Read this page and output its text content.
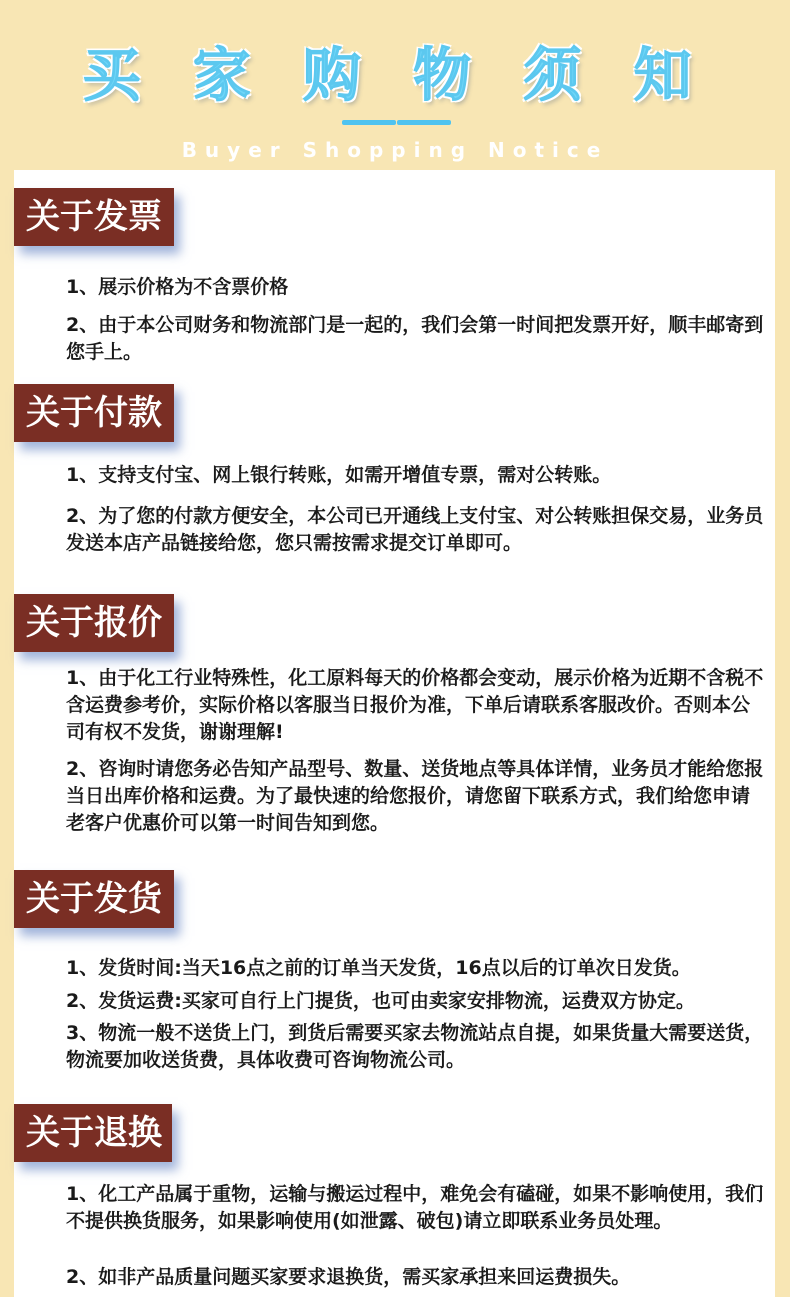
买 家 购 物 须 知
Buyer Shopping Notice
关于发票
1、展示价格为不含票价格
2、由于本公司财务和物流部门是一起的，我们会第一时间把发票开好，顺丰邮寄到您手上。
关于付款
1、支持支付宝、网上银行转账，如需开增值专票，需对公转账。
2、为了您的付款方便安全，本公司已开通线上支付宝、对公转账担保交易，业务员发送本店产品链接给您，您只需按需求提交订单即可。
关于报价
1、由于化工行业特殊性，化工原料每天的价格都会变动，展示价格为近期不含税不含运费参考价，实际价格以客服当日报价为准，下单后请联系客服改价。否则本公司有权不发货，谢谢理解!
2、咨询时请您务必告知产品型号、数量、送货地点等具体详情，业务员才能给您报当日出库价格和运费。为了最快速的给您报价，请您留下联系方式，我们给您申请老客户优惠价可以第一时间告知到您。
关于发货
1、发货时间:当天16点之前的订单当天发货，16点以后的订单次日发货。
2、发货运费:买家可自行上门提货，也可由卖家安排物流，运费双方协定。
3、物流一般不送货上门，到货后需要买家去物流站点自提，如果货量大需要送货，物流要加收送货费，具体收费可咨询物流公司。
关于退换
1、化工产品属于重物，运输与搬运过程中，难免会有磕碰，如果不影响使用，我们不提供换货服务，如果影响使用(如泄露、破包)请立即联系业务员处理。
2、如非产品质量问题买家要求退换货，需买家承担来回运费损失。
